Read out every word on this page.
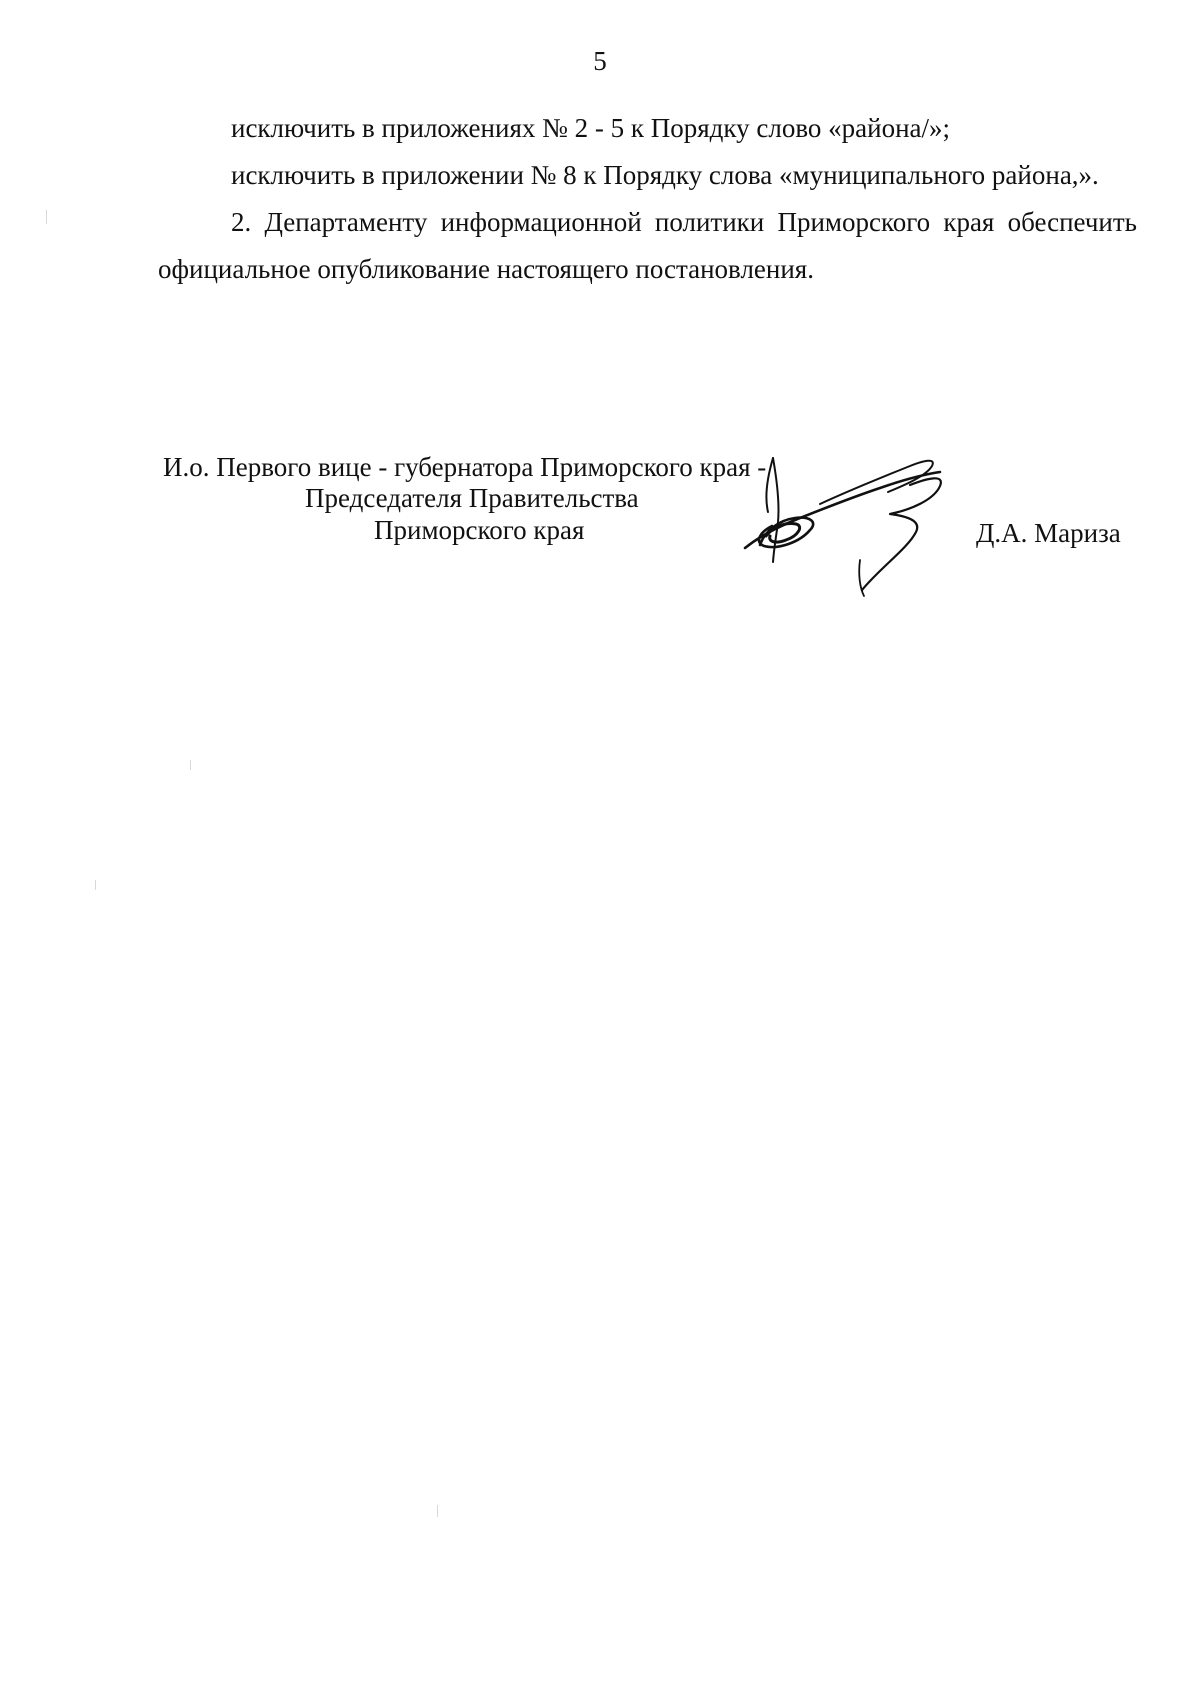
5

исключить в приложениях № 2 - 5 к Порядку слово «района/»;

исключить в приложении № 8 к Порядку слова «муниципального района,».

2. Департаменту информационной политики Приморского края обеспечить официальное опубликование настоящего постановления.

И.о. Первого вице - губернатора Приморского края -
Председателя Правительства
Приморского края	Д.А. Мариза
